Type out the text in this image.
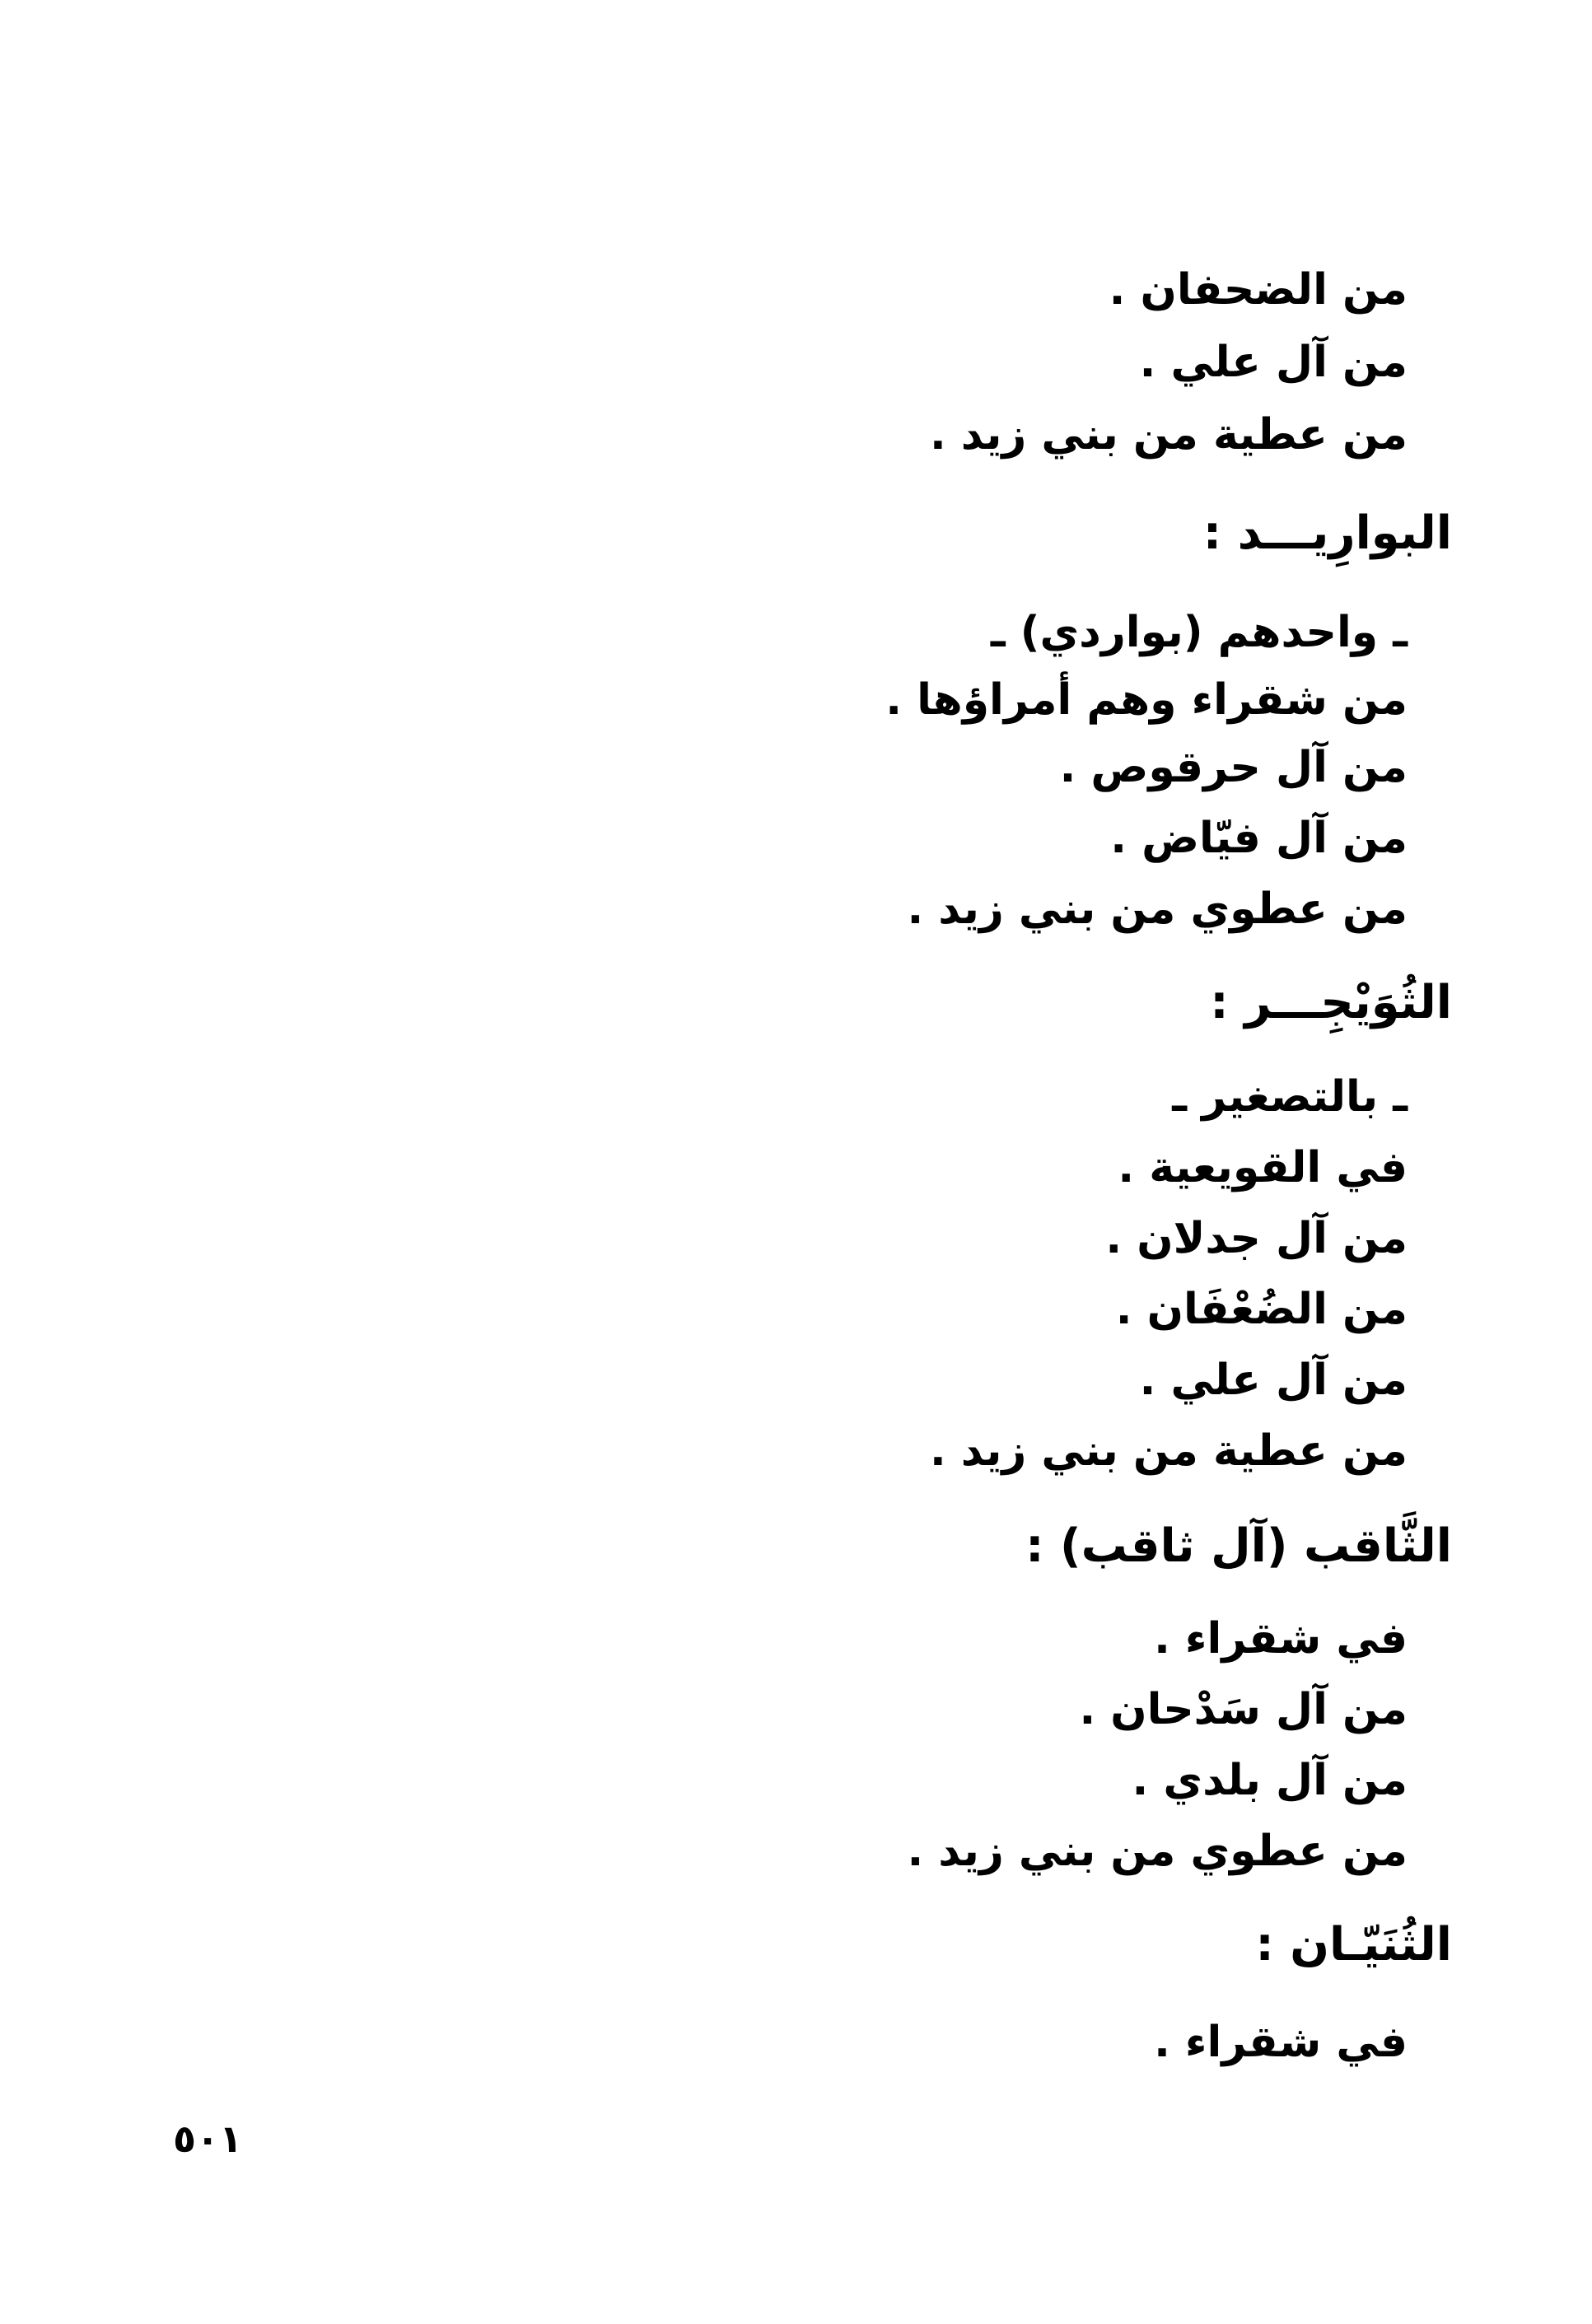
من الضحفان .
من آل علي .
من عطية من بني زيد .
البوارِيـــد :
ـ واحدهم (بواردي) ـ
من شقراء وهم أمراؤها .
من آل حرقوص .
من آل فيّاض .
من عطوي من بني زيد .
الثُوَيْجِـــر :
ـ بالتصغير ـ
في القويعية .
من آل جدلان .
من الضُعْفَان .
من آل علي .
من عطية من بني زيد .
الثَّاقب (آل ثاقب) :
في شقراء .
من آل سَدْحان .
من آل بلدي .
من عطوي من بني زيد .
الثُنَيّـان :
في شقراء .
٥٠١
